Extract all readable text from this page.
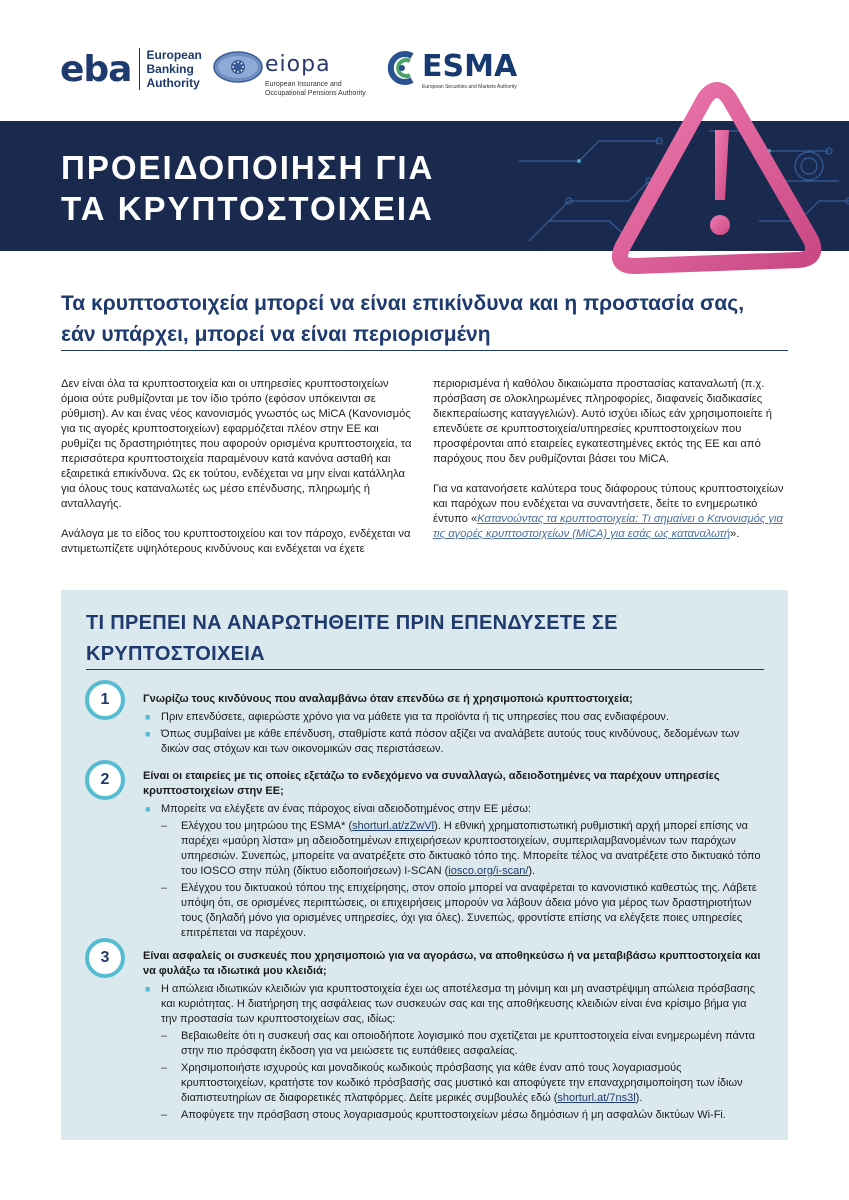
eba	European
Banking
Authority
eiopa
European Insurance and
Occupational Pensions Authority
ESMA
European Securities and Markets Authority
ΠΡΟΕΙΔΟΠΟΙΗΣΗ ΓΙΑ
ΤΑ ΚΡΥΠΤΟΣΤΟΙΧΕΙΑ
Τα κρυπτοστοιχεία μπορεί να είναι επικίνδυνα και η προστασία σας, εάν υπάρχει, μπορεί να είναι περιορισμένη

Δεν είναι όλα τα κρυπτοστοιχεία και οι υπηρεσίες κρυπτοστοιχείων όμοια ούτε ρυθμίζονται με τον ίδιο τρόπο (εφόσον υπόκεινται σε ρύθμιση). Αν και ένας νέος κανονισμός γνωστός ως MiCA (Κανονισμός για τις αγορές κρυπτοστοιχείων) εφαρμόζεται πλέον στην ΕΕ και ρυθμίζει τις δραστηριότητες που αφορούν ορισμένα κρυπτοστοιχεία, τα περισσότερα κρυπτοστοιχεία παραμένουν κατά κανόνα ασταθή και εξαιρετικά επικίνδυνα. Ως εκ τούτου, ενδέχεται να μην είναι κατάλληλα για όλους τους καταναλωτές ως μέσο επένδυσης, πληρωμής ή ανταλλαγής.

Ανάλογα με το είδος του κρυπτοστοιχείου και τον πάροχο, ενδέχεται να αντιμετωπίζετε υψηλότερους κινδύνους και ενδέχεται να έχετε

περιορισμένα ή καθόλου δικαιώματα προστασίας καταναλωτή (π.χ. πρόσβαση σε ολοκληρωμένες πληροφορίες, διαφανείς διαδικασίες διεκπεραίωσης καταγγελιών). Αυτό ισχύει ιδίως εάν χρησιμοποιείτε ή επενδύετε σε κρυπτοστοιχεία/υπηρεσίες κρυπτοστοιχείων που προσφέρονται από εταιρείες εγκατεστημένες εκτός της ΕΕ και από παρόχους που δεν ρυθμίζονται βάσει του MiCA.

Για να κατανοήσετε καλύτερα τους διάφορους τύπους κρυπτοστοιχείων και παρόχων που ενδέχεται να συναντήσετε, δείτε το ενημερωτικό έντυπο «Κατανοώντας τα κρυπτοστοιχεία: Τι σημαίνει ο Κανονισμός για τις αγορές κρυπτοστοιχείων (MiCA) για εσάς ως καταναλωτή».

ΤΙ ΠΡΕΠΕΙ ΝΑ ΑΝΑΡΩΤΗΘΕΙΤΕ ΠΡΙΝ ΕΠΕΝΔΥΣΕΤΕ ΣΕ ΚΡΥΠΤΟΣΤΟΙΧΕΙΑ
1	Γνωρίζω τους κινδύνους που αναλαμβάνω όταν επενδύω σε ή χρησιμοποιώ κρυπτοστοιχεία;

■ Πριν επενδύσετε, αφιερώστε χρόνο για να μάθετε για τα προϊόντα ή τις υπηρεσίες που σας ενδιαφέρουν.
■ Όπως συμβαίνει με κάθε επένδυση, σταθμίστε κατά πόσον αξίζει να αναλάβετε αυτούς τους κινδύνους, δεδομένων των δικών σας στόχων και των οικονομικών σας περιστάσεων.
2	Είναι οι εταιρείες με τις οποίες εξετάζω το ενδεχόμενο να συναλλαγώ, αδειοδοτημένες να παρέχουν υπηρεσίες κρυπτοστοιχείων στην ΕΕ;

■ Μπορείτε να ελέγξετε αν ένας πάροχος είναι αδειοδοτημένος στην ΕΕ μέσω:
– Ελέγχου του μητρώου της ESMA* (shorturl.at/zZwVl). Η εθνική χρηματοπιστωτική ρυθμιστική αρχή μπορεί επίσης να παρέχει «μαύρη λίστα» μη αδειοδοτημένων επιχειρήσεων κρυπτοστοιχείων, συμπεριλαμβανομένων των παρόχων υπηρεσιών. Συνεπώς, μπορείτε να ανατρέξετε στο δικτυακό τόπο της. Μπορείτε τέλος να ανατρέξετε στο δικτυακό τόπο του IOSCO στην πύλη (δίκτυο ειδοποιήσεων) I-SCAN (iosco.org/i-scan/).
– Ελέγχου του δικτυακού τόπου της επιχείρησης, στον οποίο μπορεί να αναφέρεται το κανονιστικό καθεστώς της. Λάβετε υπόψη ότι, σε ορισμένες περιπτώσεις, οι επιχειρήσεις μπορούν να λάβουν άδεια μόνο για μέρος των δραστηριοτήτων τους (δηλαδή μόνο για ορισμένες υπηρεσίες, όχι για όλες). Συνεπώς, φροντίστε επίσης να ελέγξετε ποιες υπηρεσίες επιτρέπεται να παρέχουν.
3	Είναι ασφαλείς οι συσκευές που χρησιμοποιώ για να αγοράσω, να αποθηκεύσω ή να μεταβιβάσω κρυπτοστοιχεία και να φυλάξω τα ιδιωτικά μου κλειδιά;

■ Η απώλεια ιδιωτικών κλειδιών για κρυπτοστοιχεία έχει ως αποτέλεσμα τη μόνιμη και μη αναστρέψιμη απώλεια πρόσβασης και κυριότητας. Η διατήρηση της ασφάλειας των συσκευών σας και της αποθήκευσης κλειδιών είναι ένα κρίσιμο βήμα για την προστασία των κρυπτοστοιχείων σας, ιδίως:
– Βεβαιωθείτε ότι η συσκευή σας και οποιοδήποτε λογισμικό που σχετίζεται με κρυπτοστοιχεία είναι ενημερωμένη πάντα στην πιο πρόσφατη έκδοση για να μειώσετε τις ευπάθειες ασφαλείας.
– Χρησιμοποιήστε ισχυρούς και μοναδικούς κωδικούς πρόσβασης για κάθε έναν από τους λογαριασμούς κρυπτοστοιχείων, κρατήστε τον κωδικό πρόσβασής σας μυστικό και αποφύγετε την επαναχρησιμοποίηση των ίδιων διαπιστευτηρίων σε διαφορετικές πλατφόρμες. Δείτε μερικές συμβουλές εδώ (shorturl.at/7ns3l).
– Αποφύγετε την πρόσβαση στους λογαριασμούς κρυπτοστοιχείων μέσω δημόσιων ή μη ασφαλών δικτύων Wi-Fi.
